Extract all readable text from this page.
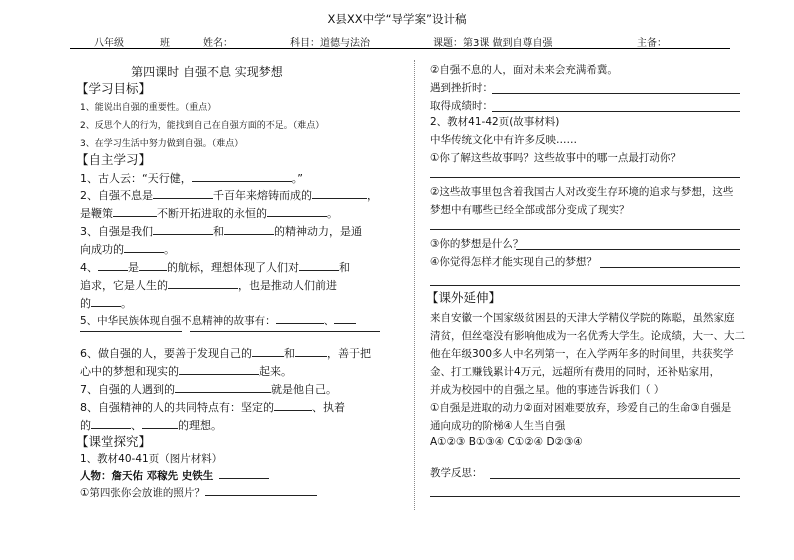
X县XX中学“导学案”设计稿
八年级	班	姓名：	科目：道德与法治	课题：第3课 做到自尊自强	主备：
第四课时 自强不息 实现梦想
【学习目标】
1、能说出自强的重要性。（重点）
2、反思个人的行为，能找到自己在自强方面的不足。（难点）
3、在学习生活中努力做到自强。（难点）
【自主学习】
1、古人云：“天行健，	。”
2、自强不息是	千百年来熔铸而成的	，
是鞭策	不断开拓进取的永恒的	。
3、自强是我们	和	的精神动力，是通
向成功的	。
4、	是	的航标，理想体现了人们对	和
追求，它是人生的	，也是推动人们前进
的	。
5、中华民族体现自强不息精神的故事有：	、
6、做自强的人，要善于发现自己的	和	，善于把
心中的梦想和现实的	起来。
7、自强的人遇到的	就是他自己。
8、自强精神的人的共同特点有：坚定的	、执着
的	、	的理想。
【课堂探究】
1、教材40-41页（图片材料）
人物：詹天佑 邓稼先 史铁生
①第四张你会放谁的照片？
②自强不息的人，面对未来会充满希冀。
遇到挫折时：
取得成绩时：
2、教材41-42页(故事材料)
中华传统文化中有许多反映……
①你了解这些故事吗？这些故事中的哪一点最打动你？
②这些故事里包含着我国古人对改变生存环境的追求与梦想，这些
梦想中有哪些已经全部或部分变成了现实？
③你的梦想是什么？
④你觉得怎样才能实现自己的梦想？
【课外延伸】
来自安徽一个国家级贫困县的天津大学精仪学院的陈聪，虽然家庭
清贫，但丝毫没有影响他成为一名优秀大学生。论成绩，大一、大二
他在年级300多人中名列第一，在入学两年多的时间里，共获奖学
金、打工赚钱累计4万元，远超所有费用的同时，还补贴家用，
并成为校园中的自强之星。他的事迹告诉我们（ ）
①自强是进取的动力②面对困难要放弃，珍爱自己的生命③自强是
通向成功的阶梯④人生当自强
A①②③ B①③④ C①②④ D②③④
教学反思：
